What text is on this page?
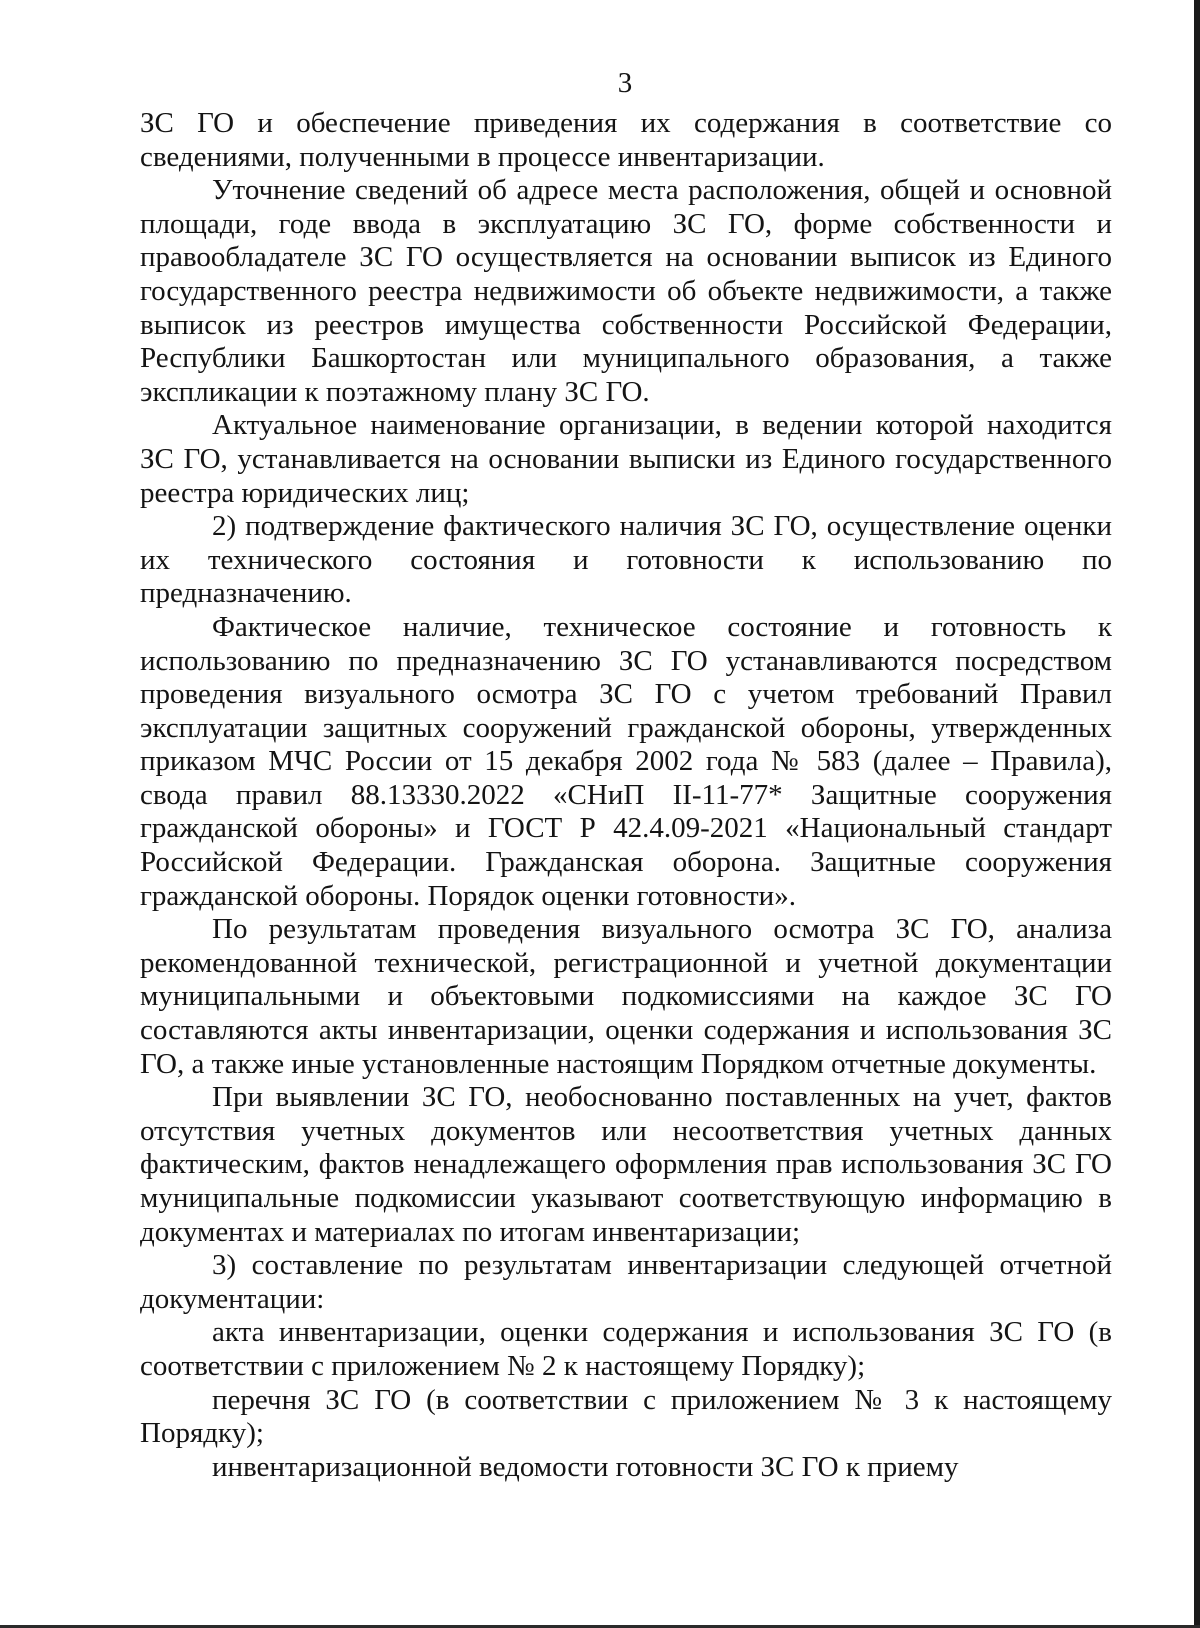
3

ЗС ГО и обеспечение приведения их содержания в соответствие со сведениями, полученными в процессе инвентаризации.

Уточнение сведений об адресе места расположения, общей и основной площади, годе ввода в эксплуатацию ЗС ГО, форме собственности и правообладателе ЗС ГО осуществляется на основании выписок из Единого государственного реестра недвижимости об объекте недвижимости, а также выписок из реестров имущества собственности Российской Федерации, Республики Башкортостан или муниципального образования, а также экспликации к поэтажному плану ЗС ГО.

Актуальное наименование организации, в ведении которой находится ЗС ГО, устанавливается на основании выписки из Единого государственного реестра юридических лиц;

2) подтверждение фактического наличия ЗС ГО, осуществление оценки их технического состояния и готовности к использованию по предназначению.

Фактическое наличие, техническое состояние и готовность к использованию по предназначению ЗС ГО устанавливаются посредством проведения визуального осмотра ЗС ГО с учетом требований Правил эксплуатации защитных сооружений гражданской обороны, утвержденных приказом МЧС России от 15 декабря 2002 года № 583 (далее – Правила), свода правил 88.13330.2022 «СНиП II-11-77* Защитные сооружения гражданской обороны» и ГОСТ Р 42.4.09-2021 «Национальный стандарт Российской Федерации. Гражданская оборона. Защитные сооружения гражданской обороны. Порядок оценки готовности».

По результатам проведения визуального осмотра ЗС ГО, анализа рекомендованной технической, регистрационной и учетной документации муниципальными и объектовыми подкомиссиями на каждое ЗС ГО составляются акты инвентаризации, оценки содержания и использования ЗС ГО, а также иные установленные настоящим Порядком отчетные документы.

При выявлении ЗС ГО, необоснованно поставленных на учет, фактов отсутствия учетных документов или несоответствия учетных данных фактическим, фактов ненадлежащего оформления прав использования ЗС ГО муниципальные подкомиссии указывают соответствующую информацию в документах и материалах по итогам инвентаризации;

3) составление по результатам инвентаризации следующей отчетной документации:

акта инвентаризации, оценки содержания и использования ЗС ГО (в соответствии с приложением № 2 к настоящему Порядку);

перечня ЗС ГО (в соответствии с приложением № 3 к настоящему Порядку);

инвентаризационной ведомости готовности ЗС ГО к приему
